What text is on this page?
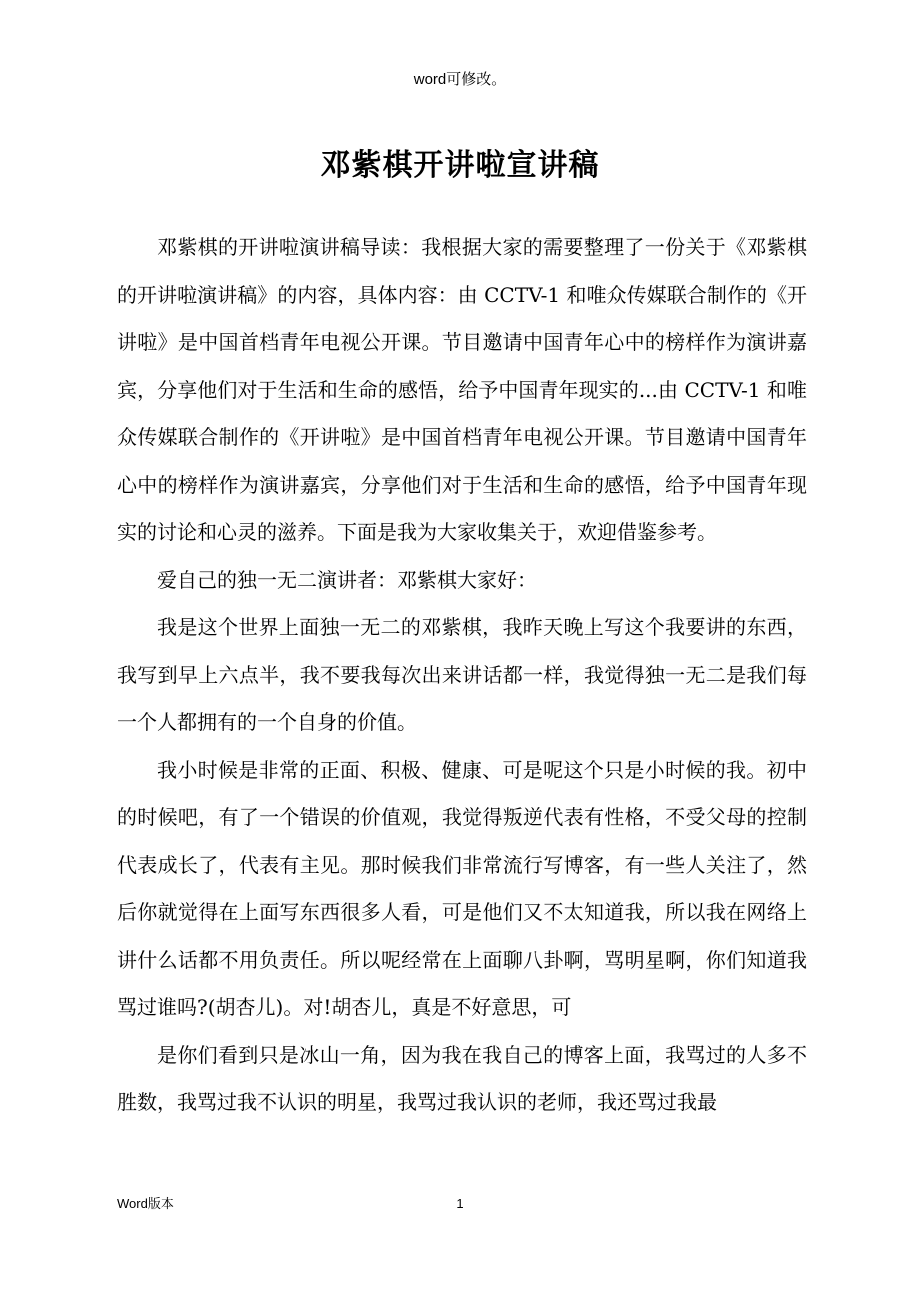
word可修改。
邓紫棋开讲啦宣讲稿

邓紫棋的开讲啦演讲稿导读：我根据大家的需要整理了一份关于《邓紫棋的开讲啦演讲稿》的内容，具体内容：由 CCTV-1 和唯众传媒联合制作的《开讲啦》是中国首档青年电视公开课。节目邀请中国青年心中的榜样作为演讲嘉宾，分享他们对于生活和生命的感悟，给予中国青年现实的...由 CCTV-1 和唯众传媒联合制作的《开讲啦》是中国首档青年电视公开课。节目邀请中国青年心中的榜样作为演讲嘉宾，分享他们对于生活和生命的感悟，给予中国青年现实的讨论和心灵的滋养。下面是我为大家收集关于，欢迎借鉴参考。

爱自己的独一无二演讲者：邓紫棋大家好：

我是这个世界上面独一无二的邓紫棋，我昨天晚上写这个我要讲的东西，我写到早上六点半，我不要我每次出来讲话都一样，我觉得独一无二是我们每一个人都拥有的一个自身的价值。

我小时候是非常的正面、积极、健康、可是呢这个只是小时候的我。初中的时候吧，有了一个错误的价值观，我觉得叛逆代表有性格，不受父母的控制代表成长了，代表有主见。那时候我们非常流行写博客，有一些人关注了，然后你就觉得在上面写东西很多人看，可是他们又不太知道我，所以我在网络上讲什么话都不用负责任。所以呢经常在上面聊八卦啊，骂明星啊，你们知道我骂过谁吗?(胡杏儿)。对!胡杏儿，真是不好意思，可

是你们看到只是冰山一角，因为我在我自己的博客上面，我骂过的人多不胜数，我骂过我不认识的明星，我骂过我认识的老师，我还骂过我最

Word版本	1
